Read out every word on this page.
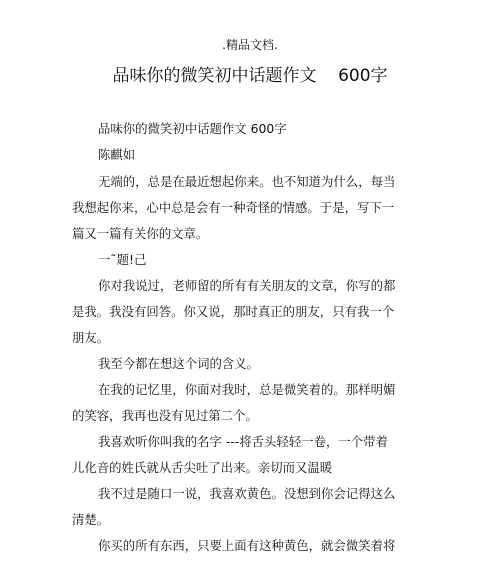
.精品文档.
品味你的微笑初中话题作文    600字
品味你的微笑初中话题作文 600字
陈麒如
无端的，总是在最近想起你来。也不知道为什么，每当
我想起你来，心中总是会有一种奇怪的情感。于是，写下一
篇又一篇有关你的文章。
一˜题!己
你对我说过，老师留的所有有关朋友的文章，你写的都
是我。我没有回答。你又说，那时真正的朋友，只有我一个
朋友。
我至今都在想这个词的含义。
在我的记忆里，你面对我时，总是微笑着的。那样明媚
的笑容，我再也没有见过第二个。
我喜欢听你叫我的名字 ---将舌头轻轻一卷，一个带着
儿化音的姓氏就从舌尖吐了出来。亲切而又温暖
我不过是随口一说，我喜欢黄色。没想到你会记得这么
清楚。
你买的所有东西，只要上面有这种黄色，就会微笑着将
